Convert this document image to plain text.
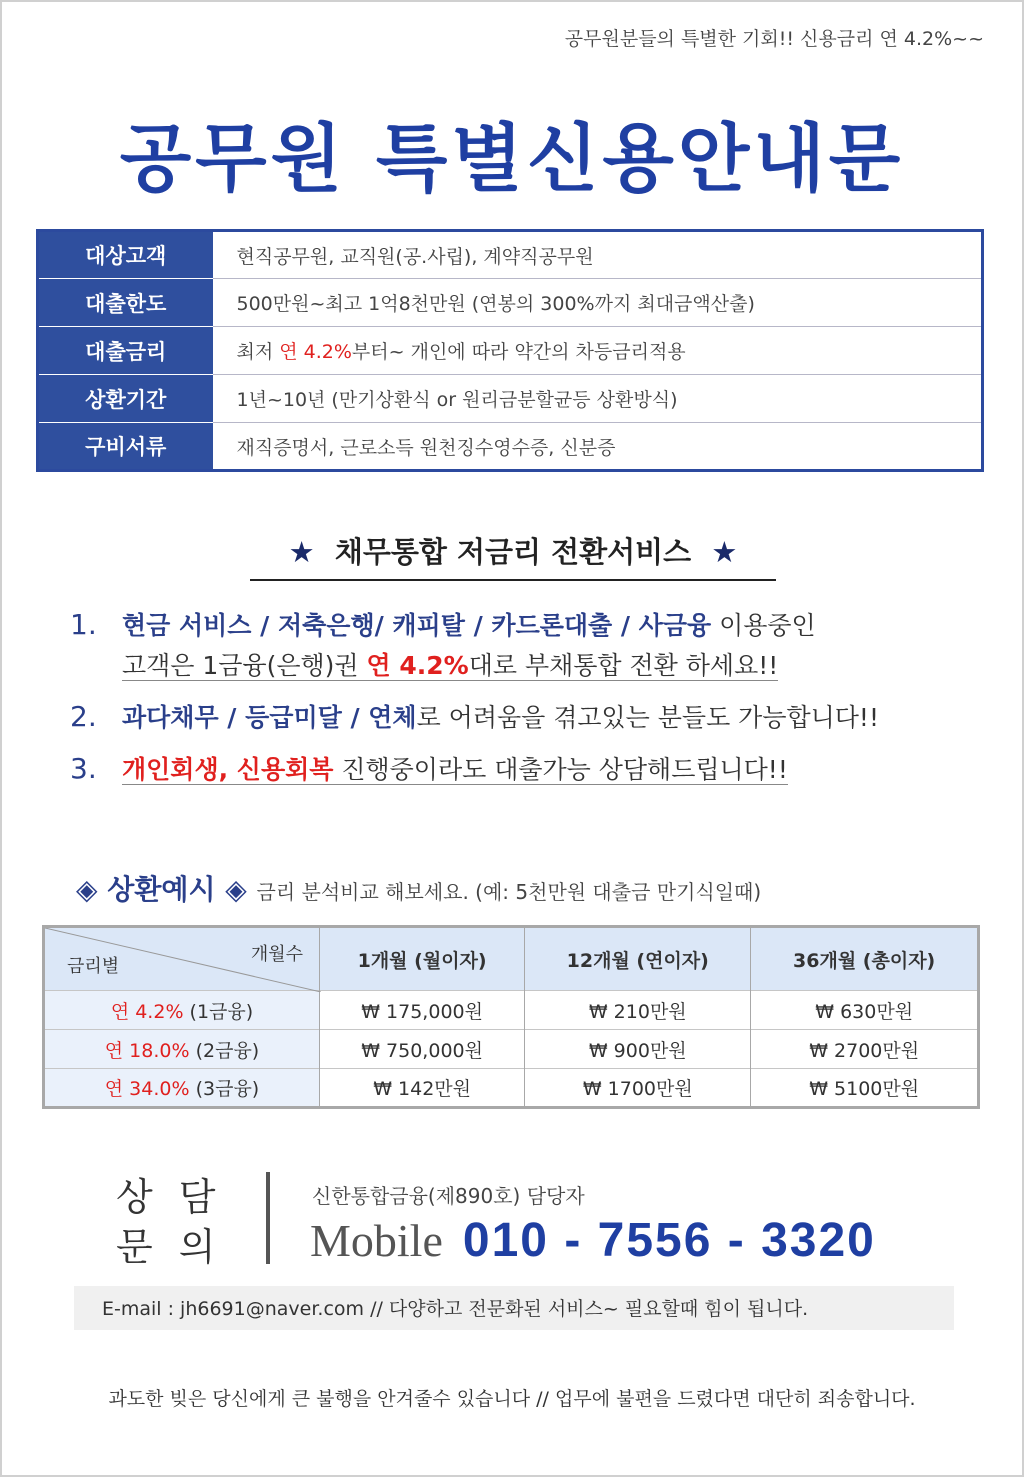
공무원분들의 특별한 기회!! 신용금리 연 4.2%~~
공무원 특별신용안내문
대상고객	현직공무원, 교직원(공.사립), 계약직공무원
대출한도	500만원~최고 1억8천만원 (연봉의 300%까지 최대금액산출)
대출금리	최저 연 4.2%부터~ 개인에 따라 약간의 차등금리적용
상환기간	1년~10년 (만기상환식 or 원리금분할균등 상환방식)
구비서류	재직증명서, 근로소득 원천징수영수증, 신분증
★ 채무통합 저금리 전환서비스 ★
1. 현금 서비스 / 저축은행/ 캐피탈 / 카드론대출 / 사금융 이용중인
고객은 1금융(은행)권 연 4.2%대로 부채통합 전환 하세요!!
2. 과다채무 / 등급미달 / 연체로 어려움을 겪고있는 분들도 가능합니다!!
3. 개인회생, 신용회복 진행중이라도 대출가능 상담해드립니다!!
◈ 상환예시 ◈ 금리 분석비교 해보세요. (예: 5천만원 대출금 만기식일때)
개월수
금리별	1개월 (월이자)	12개월 (연이자)	36개월 (총이자)
연 4.2% (1금융)	₩ 175,000원	₩ 210만원	₩ 630만원
연 18.0% (2금융)	₩ 750,000원	₩ 900만원	₩ 2700만원
연 34.0% (3금융)	₩ 142만원	₩ 1700만원	₩ 5100만원
상담
문의
신한통합금융(제890호) 담당자
Mobile 010 - 7556 - 3320
E-mail : jh6691@naver.com // 다양하고 전문화된 서비스~ 필요할때 힘이 됩니다.
과도한 빚은 당신에게 큰 불행을 안겨줄수 있습니다 // 업무에 불편을 드렸다면 대단히 죄송합니다.
